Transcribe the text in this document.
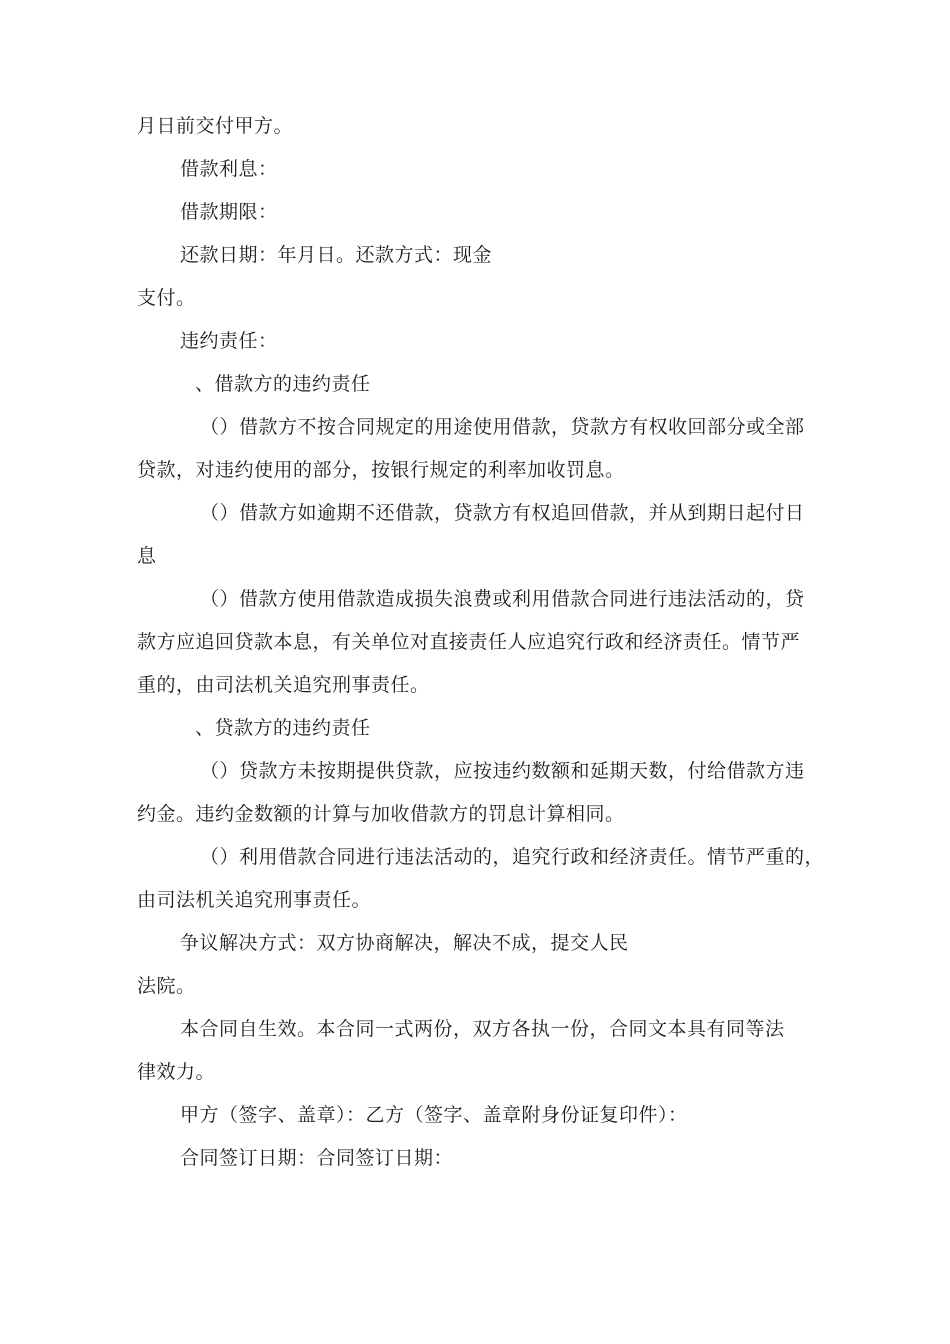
月日前交付甲方。
借款利息：
借款期限：
还款日期：年月日。还款方式：现金
支付。
违约责任：
、借款方的违约责任
（）借款方不按合同规定的用途使用借款，贷款方有权收回部分或全部
贷款，对违约使用的部分，按银行规定的利率加收罚息。
（）借款方如逾期不还借款，贷款方有权追回借款，并从到期日起付日
息
（）借款方使用借款造成损失浪费或利用借款合同进行违法活动的，贷
款方应追回贷款本息，有关单位对直接责任人应追究行政和经济责任。情节严
重的，由司法机关追究刑事责任。
、贷款方的违约责任
（）贷款方未按期提供贷款，应按违约数额和延期天数，付给借款方违
约金。违约金数额的计算与加收借款方的罚息计算相同。
（）利用借款合同进行违法活动的，追究行政和经济责任。情节严重的，
由司法机关追究刑事责任。
争议解决方式：双方协商解决，解决不成，提交人民
法院。
本合同自生效。本合同一式两份，双方各执一份，合同文本具有同等法
律效力。
甲方（签字、盖章）：乙方（签字、盖章附身份证复印件）：
合同签订日期：合同签订日期：
